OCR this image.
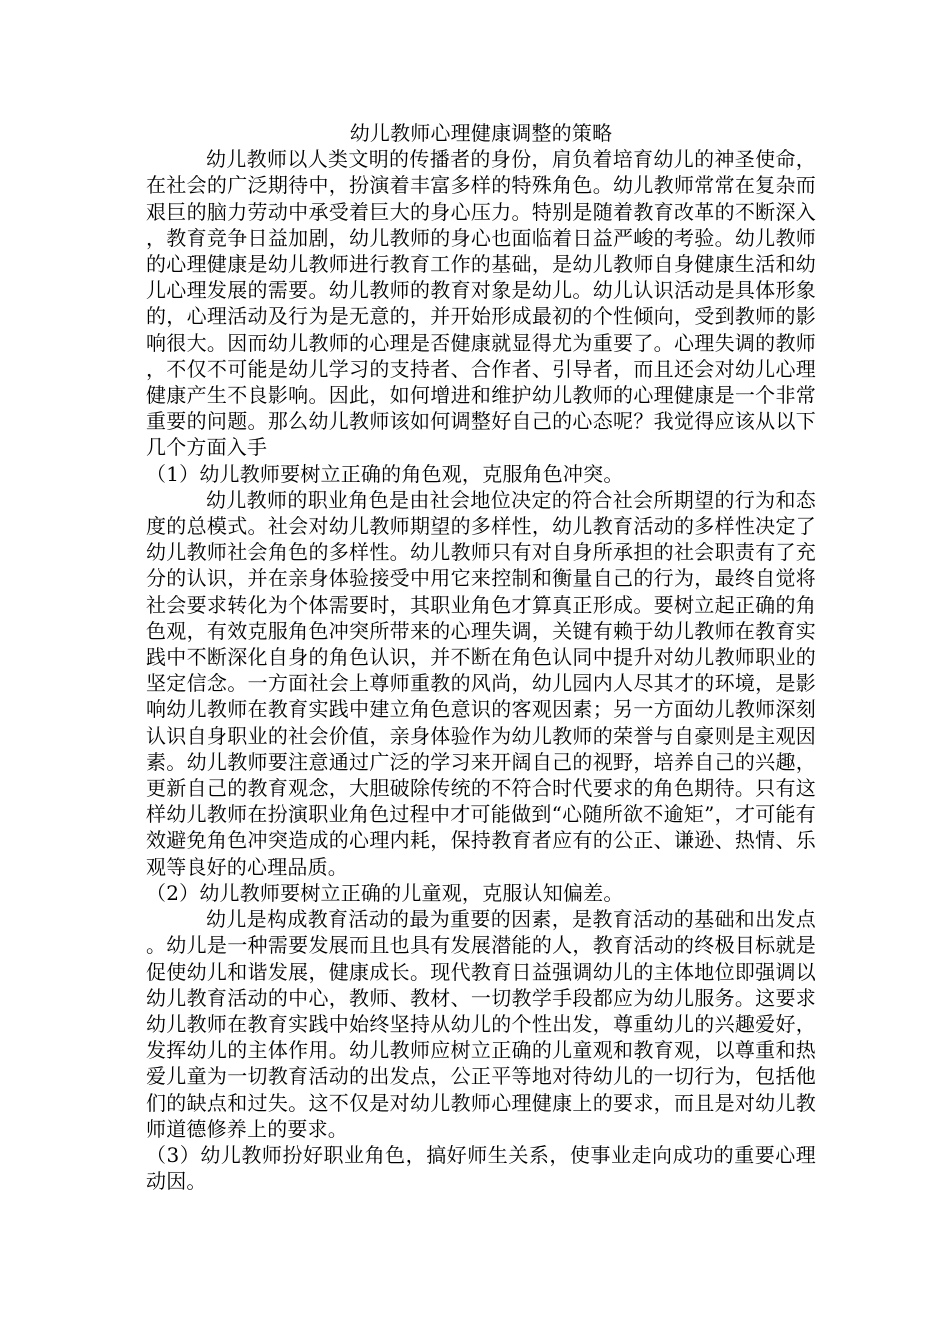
幼儿教师心理健康调整的策略

幼儿教师以人类文明的传播者的身份，肩负着培育幼儿的神圣使命，在社会的广泛期待中，扮演着丰富多样的特殊角色。幼儿教师常常在复杂而艰巨的脑力劳动中承受着巨大的身心压力。特别是随着教育改革的不断深入，教育竞争日益加剧，幼儿教师的身心也面临着日益严峻的考验。幼儿教师的心理健康是幼儿教师进行教育工作的基础，是幼儿教师自身健康生活和幼儿心理发展的需要。幼儿教师的教育对象是幼儿。幼儿认识活动是具体形象的，心理活动及行为是无意的，并开始形成最初的个性倾向，受到教师的影响很大。因而幼儿教师的心理是否健康就显得尤为重要了。心理失调的教师，不仅不可能是幼儿学习的支持者、合作者、引导者，而且还会对幼儿心理健康产生不良影响。因此，如何增进和维护幼儿教师的心理健康是一个非常重要的问题。那么幼儿教师该如何调整好自己的心态呢？我觉得应该从以下几个方面入手

（1）幼儿教师要树立正确的角色观，克服角色冲突。

幼儿教师的职业角色是由社会地位决定的符合社会所期望的行为和态度的总模式。社会对幼儿教师期望的多样性，幼儿教育活动的多样性决定了幼儿教师社会角色的多样性。幼儿教师只有对自身所承担的社会职责有了充分的认识，并在亲身体验接受中用它来控制和衡量自己的行为，最终自觉将社会要求转化为个体需要时，其职业角色才算真正形成。要树立起正确的角色观，有效克服角色冲突所带来的心理失调，关键有赖于幼儿教师在教育实践中不断深化自身的角色认识，并不断在角色认同中提升对幼儿教师职业的坚定信念。一方面社会上尊师重教的风尚，幼儿园内人尽其才的环境，是影响幼儿教师在教育实践中建立角色意识的客观因素；另一方面幼儿教师深刻认识自身职业的社会价值，亲身体验作为幼儿教师的荣誉与自豪则是主观因素。幼儿教师要注意通过广泛的学习来开阔自己的视野，培养自己的兴趣，更新自己的教育观念，大胆破除传统的不符合时代要求的角色期待。只有这样幼儿教师在扮演职业角色过程中才可能做到“心随所欲不逾矩”，才可能有效避免角色冲突造成的心理内耗，保持教育者应有的公正、谦逊、热情、乐观等良好的心理品质。

（2）幼儿教师要树立正确的儿童观，克服认知偏差。

幼儿是构成教育活动的最为重要的因素，是教育活动的基础和出发点。幼儿是一种需要发展而且也具有发展潜能的人，教育活动的终极目标就是促使幼儿和谐发展，健康成长。现代教育日益强调幼儿的主体地位即强调以幼儿教育活动的中心，教师、教材、一切教学手段都应为幼儿服务。这要求幼儿教师在教育实践中始终坚持从幼儿的个性出发，尊重幼儿的兴趣爱好，发挥幼儿的主体作用。幼儿教师应树立正确的儿童观和教育观，以尊重和热爱儿童为一切教育活动的出发点，公正平等地对待幼儿的一切行为，包括他们的缺点和过失。这不仅是对幼儿教师心理健康上的要求，而且是对幼儿教师道德修养上的要求。

（3）幼儿教师扮好职业角色，搞好师生关系，使事业走向成功的重要心理 动因。
